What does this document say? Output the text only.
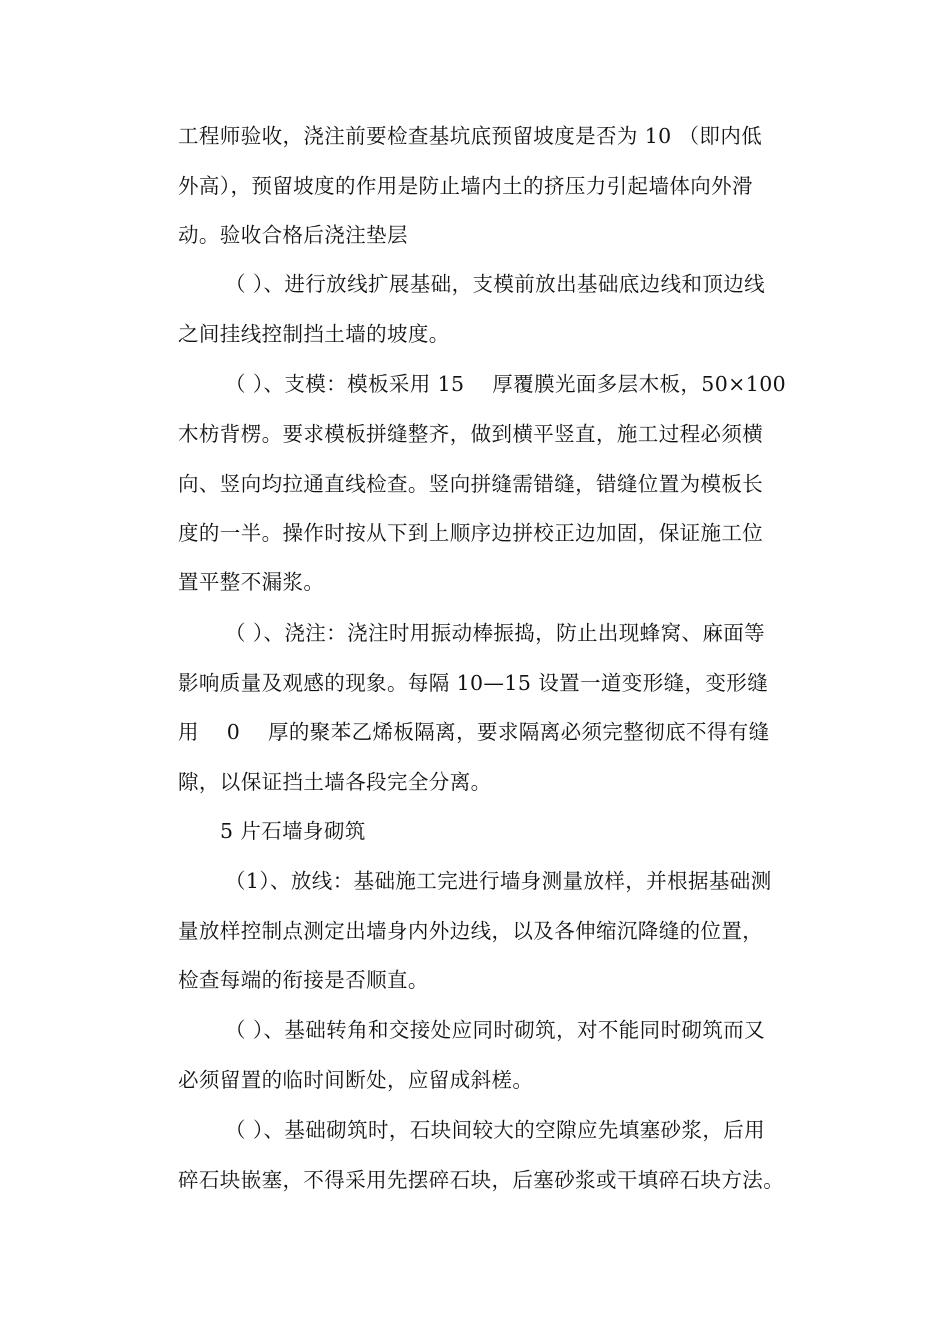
工程师验收，浇注前要检查基坑底预留坡度是否为 10 （即内低
外高），预留坡度的作用是防止墙内土的挤压力引起墙体向外滑
动。验收合格后浇注垫层
（ ）、进行放线扩展基础，支模前放出基础底边线和顶边线
之间挂线控制挡土墙的坡度。
（ ）、支模：模板采用 15 　厚覆膜光面多层木板，50×100
木枋背楞。要求模板拼缝整齐，做到横平竖直，施工过程必须横
向、竖向均拉通直线检查。竖向拼缝需错缝，错缝位置为模板长
度的一半。操作时按从下到上顺序边拼校正边加固，保证施工位
置平整不漏浆。
（ ）、浇注：浇注时用振动棒振捣，防止出现蜂窝、麻面等
影响质量及观感的现象。每隔 10—15 设置一道变形缝，变形缝
用 　0 　厚的聚苯乙烯板隔离，要求隔离必须完整彻底不得有缝
隙，以保证挡土墙各段完全分离。
5 片石墙身砌筑
（1）、放线：基础施工完进行墙身测量放样，并根据基础测
量放样控制点测定出墙身内外边线，以及各伸缩沉降缝的位置，
检查每端的衔接是否顺直。
（ ）、基础转角和交接处应同时砌筑，对不能同时砌筑而又
必须留置的临时间断处，应留成斜槎。
（ ）、基础砌筑时，石块间较大的空隙应先填塞砂浆，后用
碎石块嵌塞，不得采用先摆碎石块，后塞砂浆或干填碎石块方法。
